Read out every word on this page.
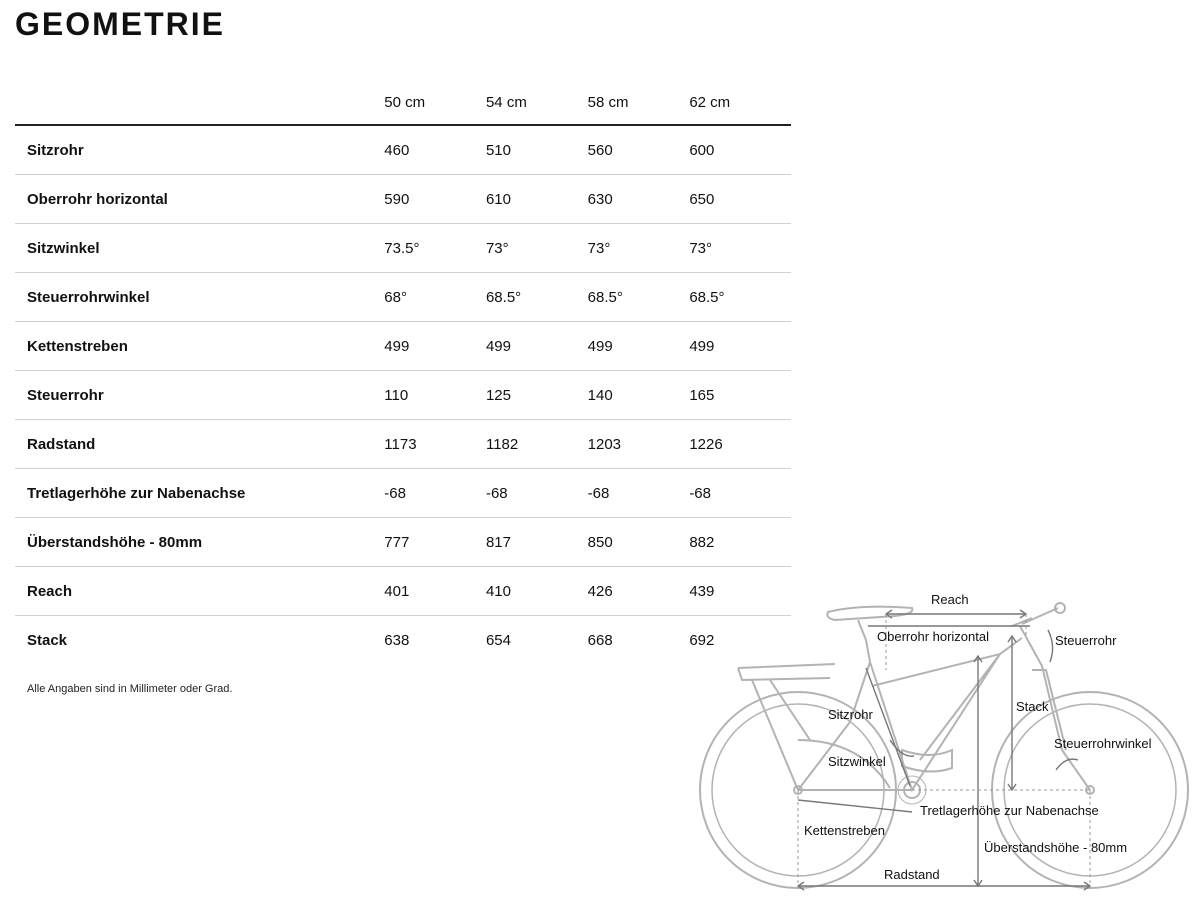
GEOMETRIE
	50 cm	54 cm	58 cm	62 cm
Sitzrohr	460	510	560	600
Oberrohr horizontal	590	610	630	650
Sitzwinkel	73.5°	73°	73°	73°
Steuerrohrwinkel	68°	68.5°	68.5°	68.5°
Kettenstreben	499	499	499	499
Steuerrohr	110	125	140	165
Radstand	1173	1182	1203	1226
Tretlagerhöhe zur Nabenachse	-68	-68	-68	-68
Überstandshöhe - 80mm	777	817	850	882
Reach	401	410	426	439
Stack	638	654	668	692
Alle Angaben sind in Millimeter oder Grad.
Reach
Oberrohr horizontal	Steuerrohr
Sitzrohr
Stack
Steuerrohrwinkel
Sitzwinkel
Tretlagerhöhe zur Nabenachse
Kettenstreben
Überstandshöhe - 80mm
Radstand
